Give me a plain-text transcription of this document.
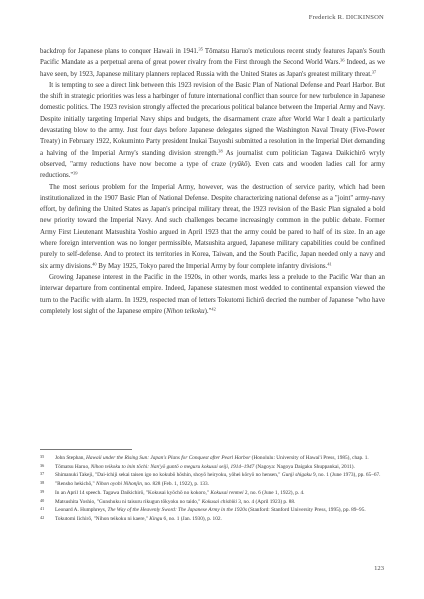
Frederick R. DICKINSON

backdrop for Japanese plans to conquer Hawaii in 1941.35 Tōmatsu Haruo's meticulous recent study features Japan's South Pacific Mandate as a perpetual arena of great power rivalry from the First through the Second World Wars.$^{36}$ Indeed, as we have seen, by 1923, Japanese military planners replaced Russia with the United States as Japan's greatest military threat.$^{37}$

It is tempting to see a direct link between this 1923 revision of the Basic Plan of National Defense and Pearl Harbor. But the shift in strategic priorities was less a harbinger of future international conflict than source for new turbulence in Japanese domestic politics. The 1923 revision strongly affected the precarious political balance between the Imperial Army and Navy. Despite initially targeting Imperial Navy ships and budgets, the disarmament craze after World War I dealt a particularly devastating blow to the army. Just four days before Japanese delegates signed the Washington Naval Treaty (Five-Power Treaty) in February 1922, Kokuminto Party president Inukai Tsuyoshi submitted a resolution in the Imperial Diet demanding a halving of the Imperial Army's standing division strength.$^{38}$ As journalist cum politician Tagawa Daikichirō wryly observed, "army reductions have now become a type of craze (ryūkō). Even cats and wooden ladies call for army reductions."$^{39}$

The most serious problem for the Imperial Army, however, was the destruction of service parity, which had been institutionalized in the 1907 Basic Plan of National Defense. Despite characterizing national defense as a "joint" army-navy effort, by defining the United States as Japan's principal military threat, the 1923 revision of the Basic Plan signaled a bold new priority toward the Imperial Navy. And such challenges became increasingly common in the public debate. Former Army First Lieutenant Matsushita Yoshio argued in April 1923 that the army could be pared to half of its size. In an age where foreign intervention was no longer permissible, Matsushita argued, Japanese military capabilities could be confined purely to self-defense. And to protect its territories in Korea, Taiwan, and the South Pacific, Japan needed only a navy and six army divisions.$^{40}$ By May 1925, Tokyo pared the Imperial Army by four complete infantry divisions.$^{41}$

Growing Japanese interest in the Pacific in the 1920s, in other words, marks less a prelude to the Pacific War than an interwar departure from continental empire. Indeed, Japanese statesmen most wedded to continental expansion viewed the turn to the Pacific with alarm. In 1929, respected man of letters Tokutomi Iichirō decried the number of Japanese "who have completely lost sight of the Japanese empire (Nihon teikoku)."$^{42}$

35 John Stephan, Hawaii under the Rising Sun: Japan's Plans for Conquest after Pearl Harbor (Honolulu: University of Hawai'i Press, 1985), chap. 1.
36 Tōmatsu Haruo, Nihon teikoku to inin tōchi: Nan'yō guntō o meguru kokusai seiji, 1914–1947 (Nagoya: Nagoya Daigaku Shuppankai, 2011).
37 Shimanuki Takeji, "Dai-ichiji sekai taisen igo no kokubō hōshin, shoyō heiryoku, yōhei kōryō no hensen," Gunji shigaku 9, no. 1 (June 1973), pp. 65–67.
38 "Rensho hekichō," Nihon oyobi Nihonjin, no. 828 (Feb. 1, 1922), p. 133.
39 In an April 14 speech. Tagawa Daikichirō, "Kokusai kyōchō no kokoro," Kokusai renmei 2, no. 6 (June 1, 1922), p. 4.
40 Matsushita Yoshio, "Gunshuku ni taisuru rikugun tōkyoku no taido," Kokusai chishiki 3, no. 4 (April 1923) p. 88.
41 Leonard A. Humphreys, The Way of the Heavenly Sword: The Japanese Army in the 1920s (Stanford: Stanford University Press, 1995), pp. 89–95.
42 Tokutomi Iichirō, "Nihon teikoku ni kaere," Kingu 6, no. 1 (Jan. 1930), p. 102.
123
